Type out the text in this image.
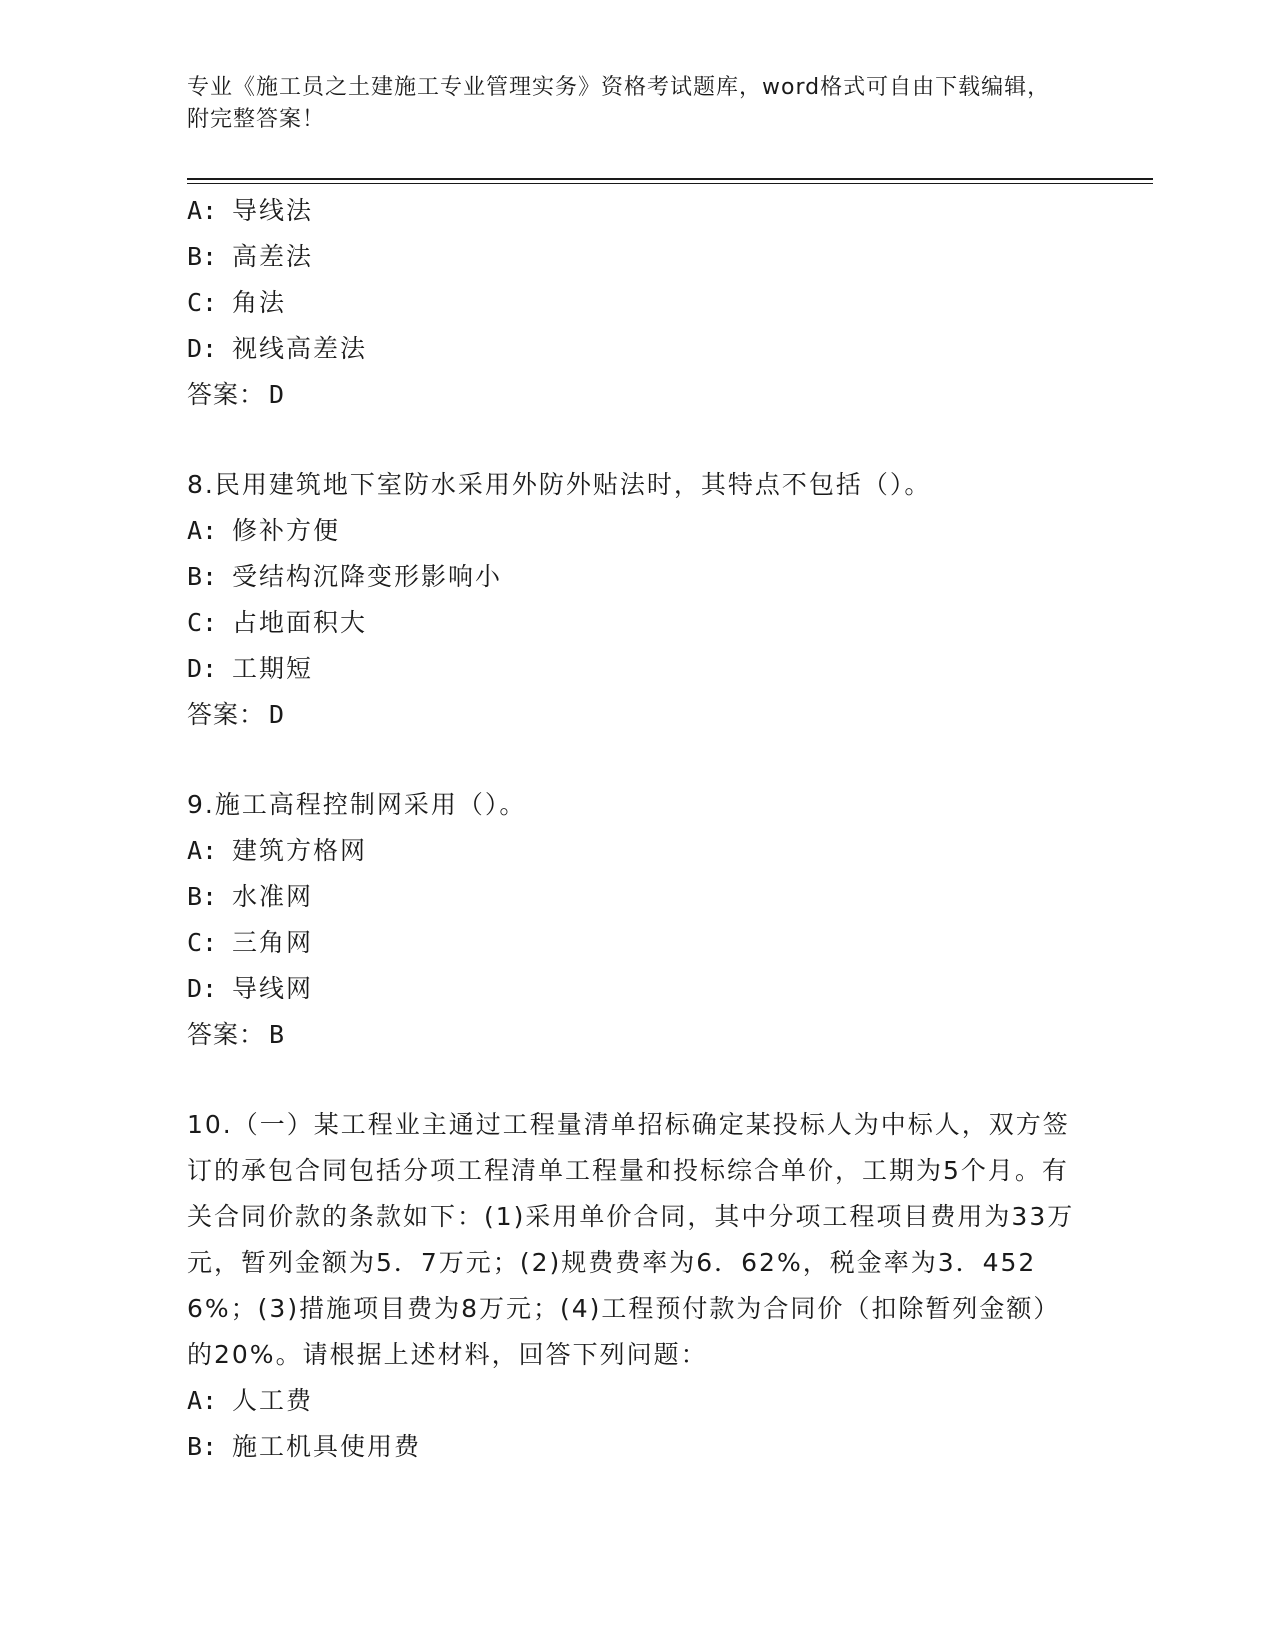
专业《施工员之土建施工专业管理实务》资格考试题库，word格式可自由下载编辑，附完整答案！
A: 导线法
B: 高差法
C: 角法
D: 视线高差法
答案： D
8.民用建筑地下室防水采用外防外贴法时，其特点不包括（）。
A: 修补方便
B: 受结构沉降变形影响小
C: 占地面积大
D: 工期短
答案： D
9.施工高程控制网采用（）。
A: 建筑方格网
B: 水准网
C: 三角网
D: 导线网
答案： B
10.（一）某工程业主通过工程量清单招标确定某投标人为中标人，双方签订的承包合同包括分项工程清单工程量和投标综合单价，工期为5个月。有关合同价款的条款如下：(1)采用单价合同，其中分项工程项目费用为33万元，暂列金额为5．7万元；(2)规费费率为6．62%，税金率为3．4526%；(3)措施项目费为8万元；(4)工程预付款为合同价（扣除暂列金额）的20%。请根据上述材料，回答下列问题：
A: 人工费
B: 施工机具使用费
